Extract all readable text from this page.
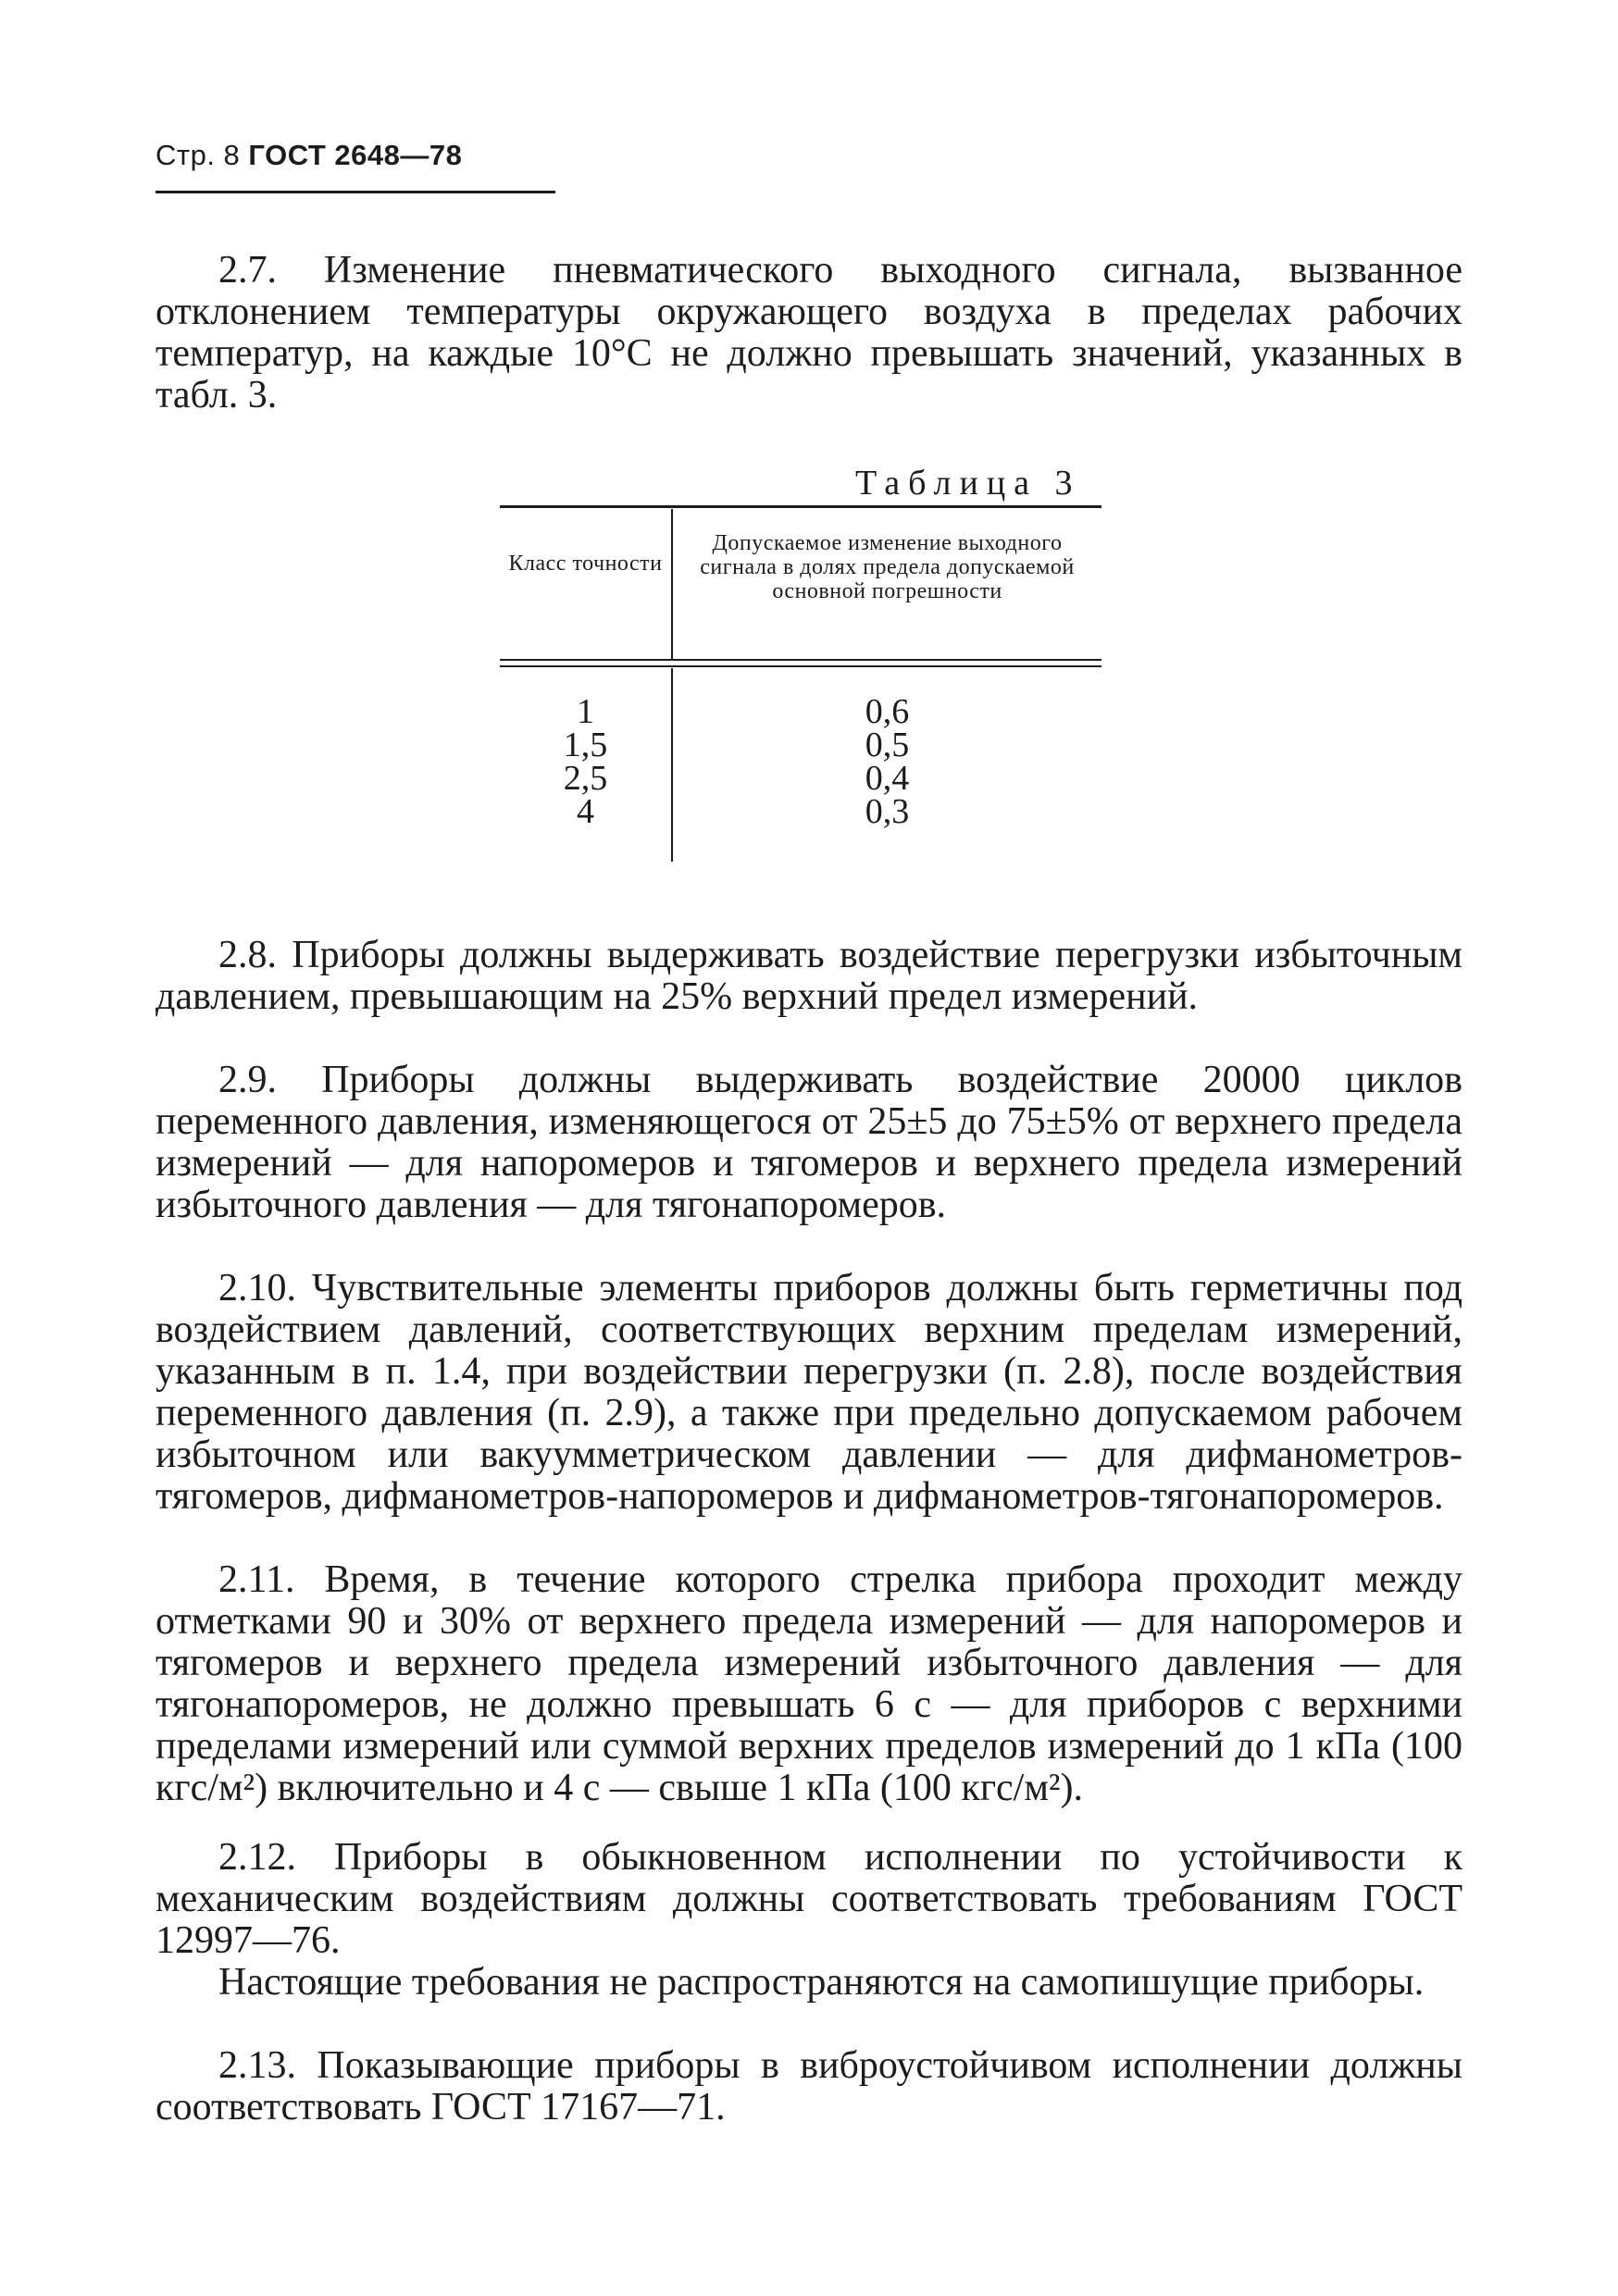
Стр. 8 ГОСТ 2648—78

2.7. Изменение пневматического выходного сигнала, вызванное отклонением температуры окружающего воздуха в пределах рабочих температур, на каждые 10°C не должно превышать значений, указанных в табл. 3.

Таблица 3
Класс точности
Допускаемое изменение выходного сигнала в долях предела допускаемой основной погрешности
1
1,5
2,5
4
0,6
0,5
0,4
0,3

2.8. Приборы должны выдерживать воздействие перегрузки избыточным давлением, превышающим на 25% верхний предел измерений.

2.9. Приборы должны выдерживать воздействие 20000 циклов переменного давления, изменяющегося от 25±5 до 75±5% от верхнего предела измерений — для напоромеров и тягомеров и верхнего предела измерений избыточного давления — для тягонапоромеров.

2.10. Чувствительные элементы приборов должны быть герметичны под воздействием давлений, соответствующих верхним пределам измерений, указанным в п. 1.4, при воздействии перегрузки (п. 2.8), после воздействия переменного давления (п. 2.9), а также при предельно допускаемом рабочем избыточном или вакуумметрическом давлении — для дифманометров-тягомеров, дифманометров-напоромеров и дифманометров-тягонапоромеров.

2.11. Время, в течение которого стрелка прибора проходит между отметками 90 и 30% от верхнего предела измерений — для напоромеров и тягомеров и верхнего предела измерений избыточного давления — для тягонапоромеров, не должно превышать 6 с — для приборов с верхними пределами измерений или суммой верхних пределов измерений до 1 кПа (100 кгс/м²) включительно и 4 с — свыше 1 кПа (100 кгс/м²).

2.12. Приборы в обыкновенном исполнении по устойчивости к механическим воздействиям должны соответствовать требованиям ГОСТ 12997—76.

Настоящие требования не распространяются на самопишущие приборы.

2.13. Показывающие приборы в виброустойчивом исполнении должны соответствовать ГОСТ 17167—71.
